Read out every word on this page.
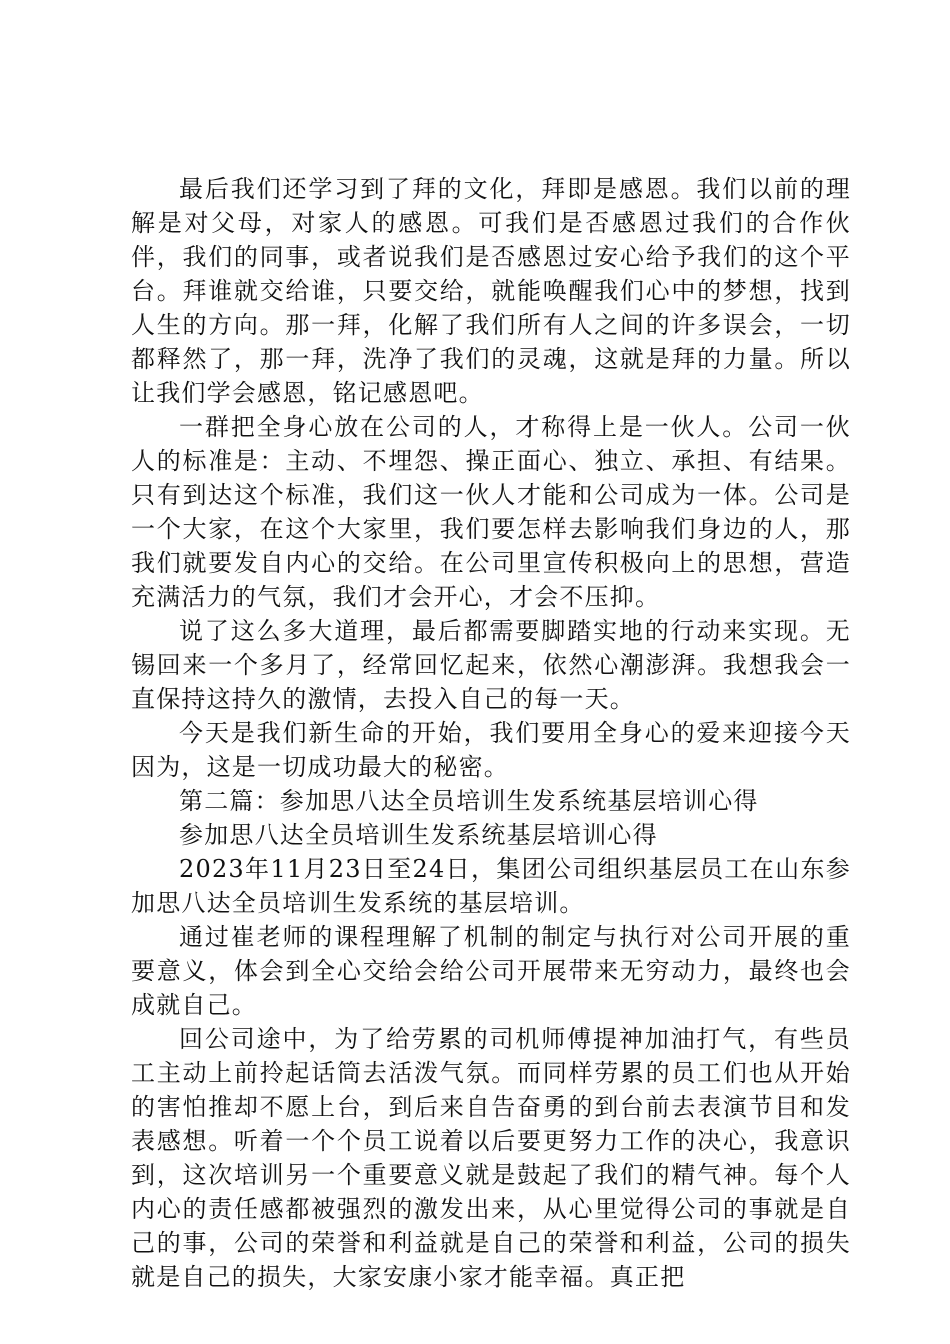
最后我们还学习到了拜的文化，拜即是感恩。我们以前的理解是对父母，对家人的感恩。可我们是否感恩过我们的合作伙伴，我们的同事，或者说我们是否感恩过安心给予我们的这个平台。拜谁就交给谁，只要交给，就能唤醒我们心中的梦想，找到人生的方向。那一拜，化解了我们所有人之间的许多误会，一切都释然了，那一拜，洗净了我们的灵魂，这就是拜的力量。所以让我们学会感恩，铭记感恩吧。

一群把全身心放在公司的人，才称得上是一伙人。公司一伙人的标准是：主动、不埋怨、操正面心、独立、承担、有结果。只有到达这个标准，我们这一伙人才能和公司成为一体。公司是一个大家，在这个大家里，我们要怎样去影响我们身边的人，那我们就要发自内心的交给。在公司里宣传积极向上的思想，营造充满活力的气氛，我们才会开心，才会不压抑。

说了这么多大道理，最后都需要脚踏实地的行动来实现。无锡回来一个多月了，经常回忆起来，依然心潮澎湃。我想我会一直保持这持久的激情，去投入自己的每一天。

今天是我们新生命的开始，我们要用全身心的爱来迎接今天因为，这是一切成功最大的秘密。

第二篇：参加思八达全员培训生发系统基层培训心得

参加思八达全员培训生发系统基层培训心得

2023年11月23日至24日，集团公司组织基层员工在山东参加思八达全员培训生发系统的基层培训。

通过崔老师的课程理解了机制的制定与执行对公司开展的重要意义，体会到全心交给会给公司开展带来无穷动力，最终也会成就自己。

回公司途中，为了给劳累的司机师傅提神加油打气，有些员工主动上前拎起话筒去活泼气氛。而同样劳累的员工们也从开始的害怕推却不愿上台，到后来自告奋勇的到台前去表演节目和发表感想。听着一个个员工说着以后要更努力工作的决心，我意识到，这次培训另一个重要意义就是鼓起了我们的精气神。每个人内心的责任感都被强烈的激发出来，从心里觉得公司的事就是自己的事，公司的荣誉和利益就是自己的荣誉和利益，公司的损失就是自己的损失，大家安康小家才能幸福。真正把
